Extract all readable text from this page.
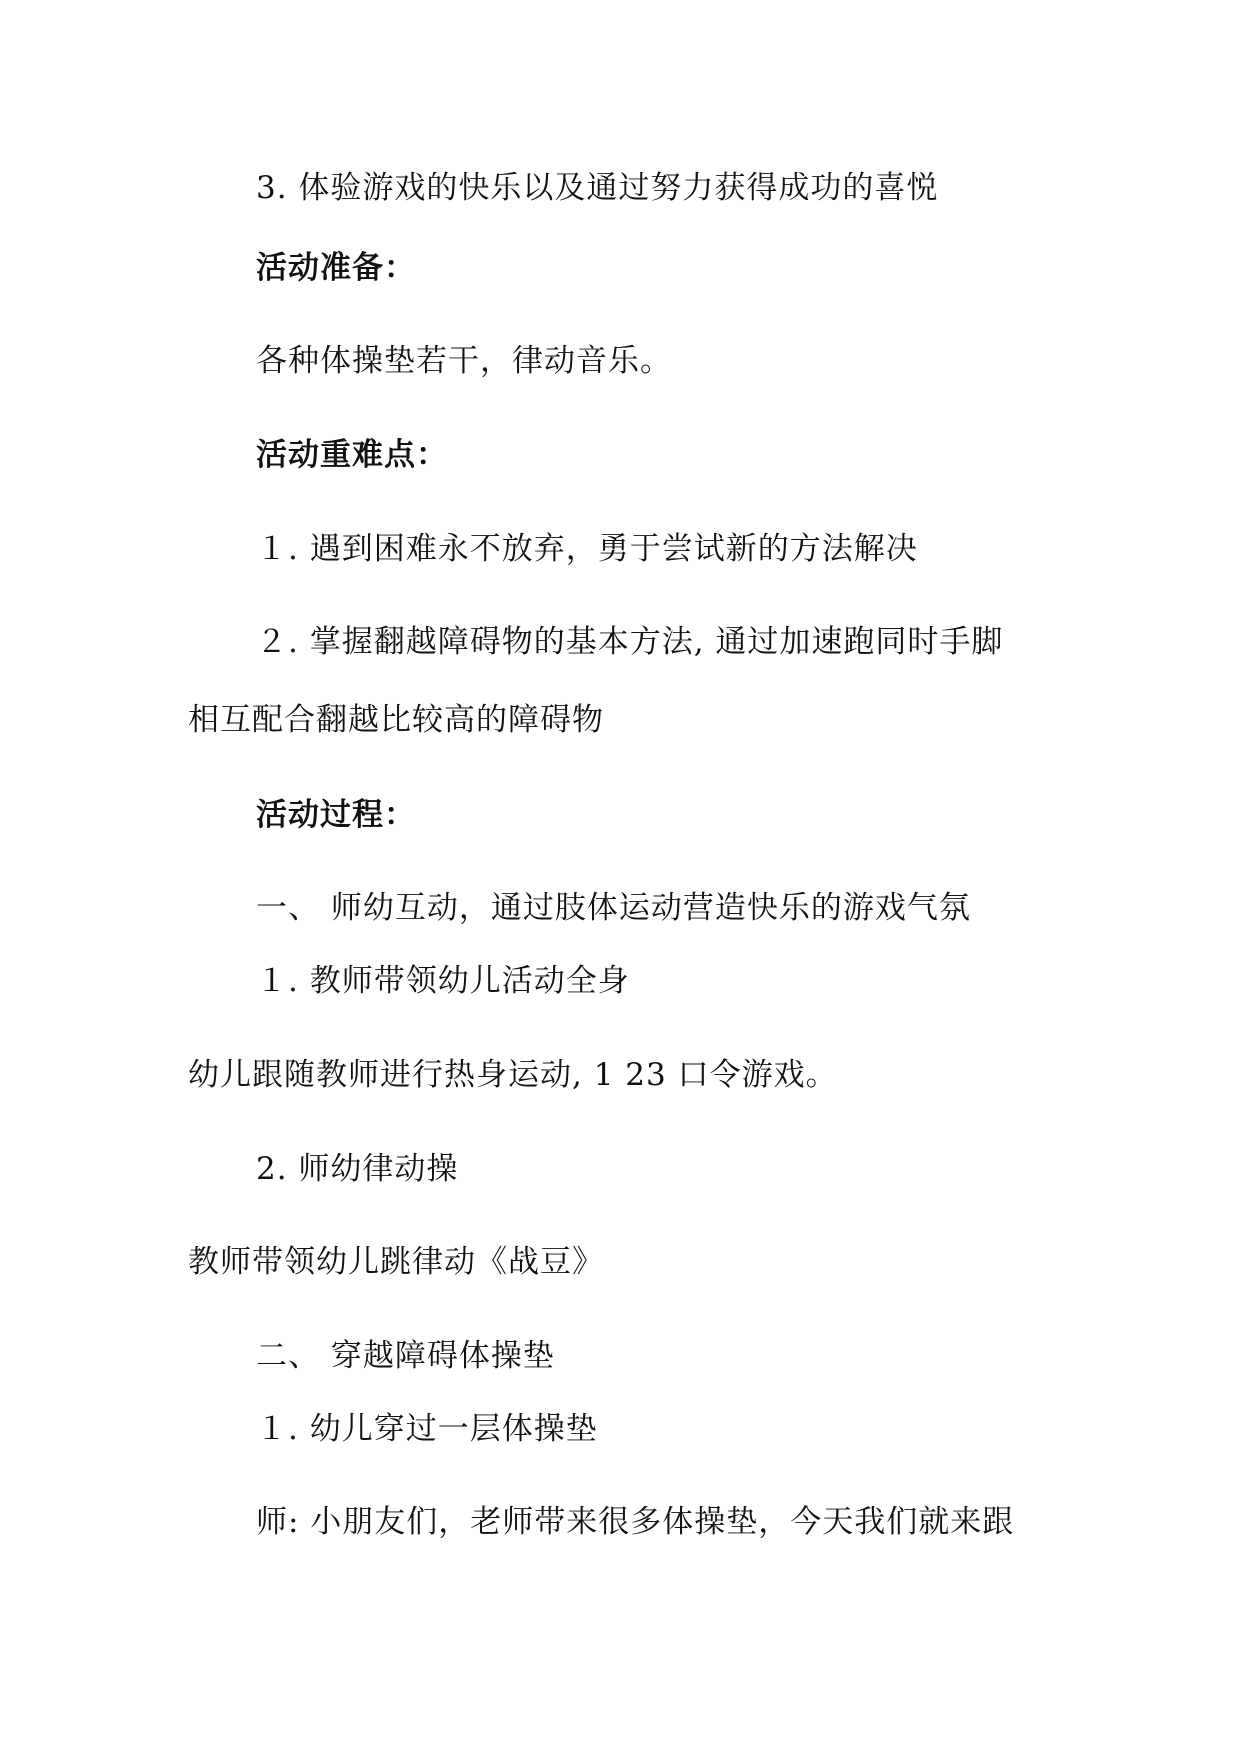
3. 体验游戏的快乐以及通过努力获得成功的喜悦
活动准备：
各种体操垫若干，律动音乐。
活动重难点：
１. 遇到困难永不放弃，勇于尝试新的方法解决
２. 掌握翻越障碍物的基本方法, 通过加速跑同时手脚
相互配合翻越比较高的障碍物
活动过程：
一、 师幼互动，通过肢体运动营造快乐的游戏气氛
１. 教师带领幼儿活动全身
幼儿跟随教师进行热身运动, 1 23 口令游戏。
2. 师幼律动操
教师带领幼儿跳律动《战豆》
二、 穿越障碍体操垫
１. 幼儿穿过一层体操垫
师: 小朋友们，老师带来很多体操垫，今天我们就来跟
